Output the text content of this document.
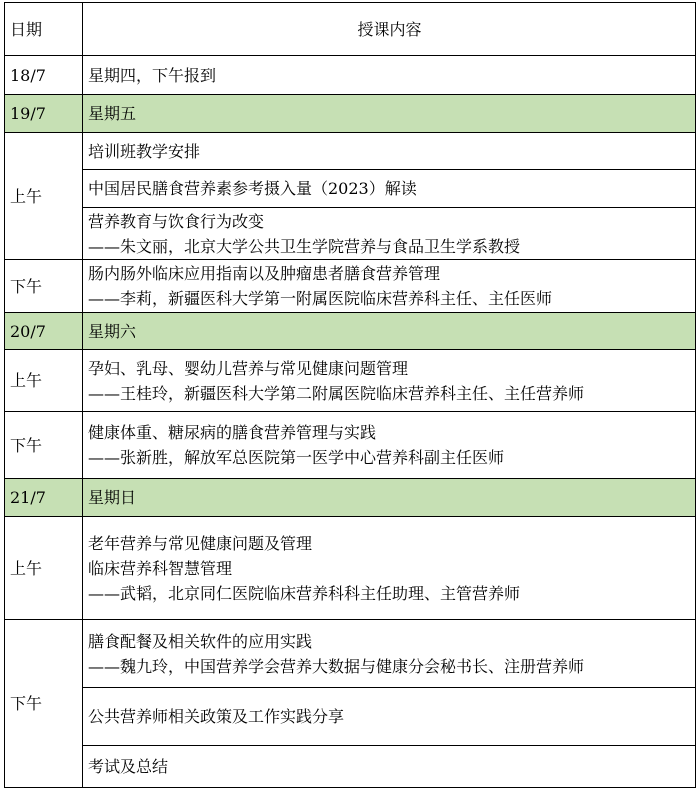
日期	授课内容
18/7	星期四，下午报到
19/7	星期五
上午	培训班教学安排
	中国居民膳食营养素参考摄入量（2023）解读

	营养教育与饮食行为改变
——朱文丽，北京大学公共卫生学院营养与食品卫生学系教授

下午	肠内肠外临床应用指南以及肿瘤患者膳食营养管理
——李莉，新疆医科大学第一附属医院临床营养科主任、主任医师

20/7	星期六
上午	孕妇、乳母、婴幼儿营养与常见健康问题管理
——王桂玲，新疆医科大学第二附属医院临床营养科主任、主任营养师

下午	健康体重、糖尿病的膳食营养管理与实践
——张新胜，解放军总医院第一医学中心营养科副主任医师

21/7	星期日
上午	老年营养与常见健康问题及管理
临床营养科智慧管理
——武韬，北京同仁医院临床营养科科主任助理、主管营养师

下午	膳食配餐及相关软件的应用实践
——魏九玲，中国营养学会营养大数据与健康分会秘书长、注册营养师

	公共营养师相关政策及工作实践分享
	考试及总结
